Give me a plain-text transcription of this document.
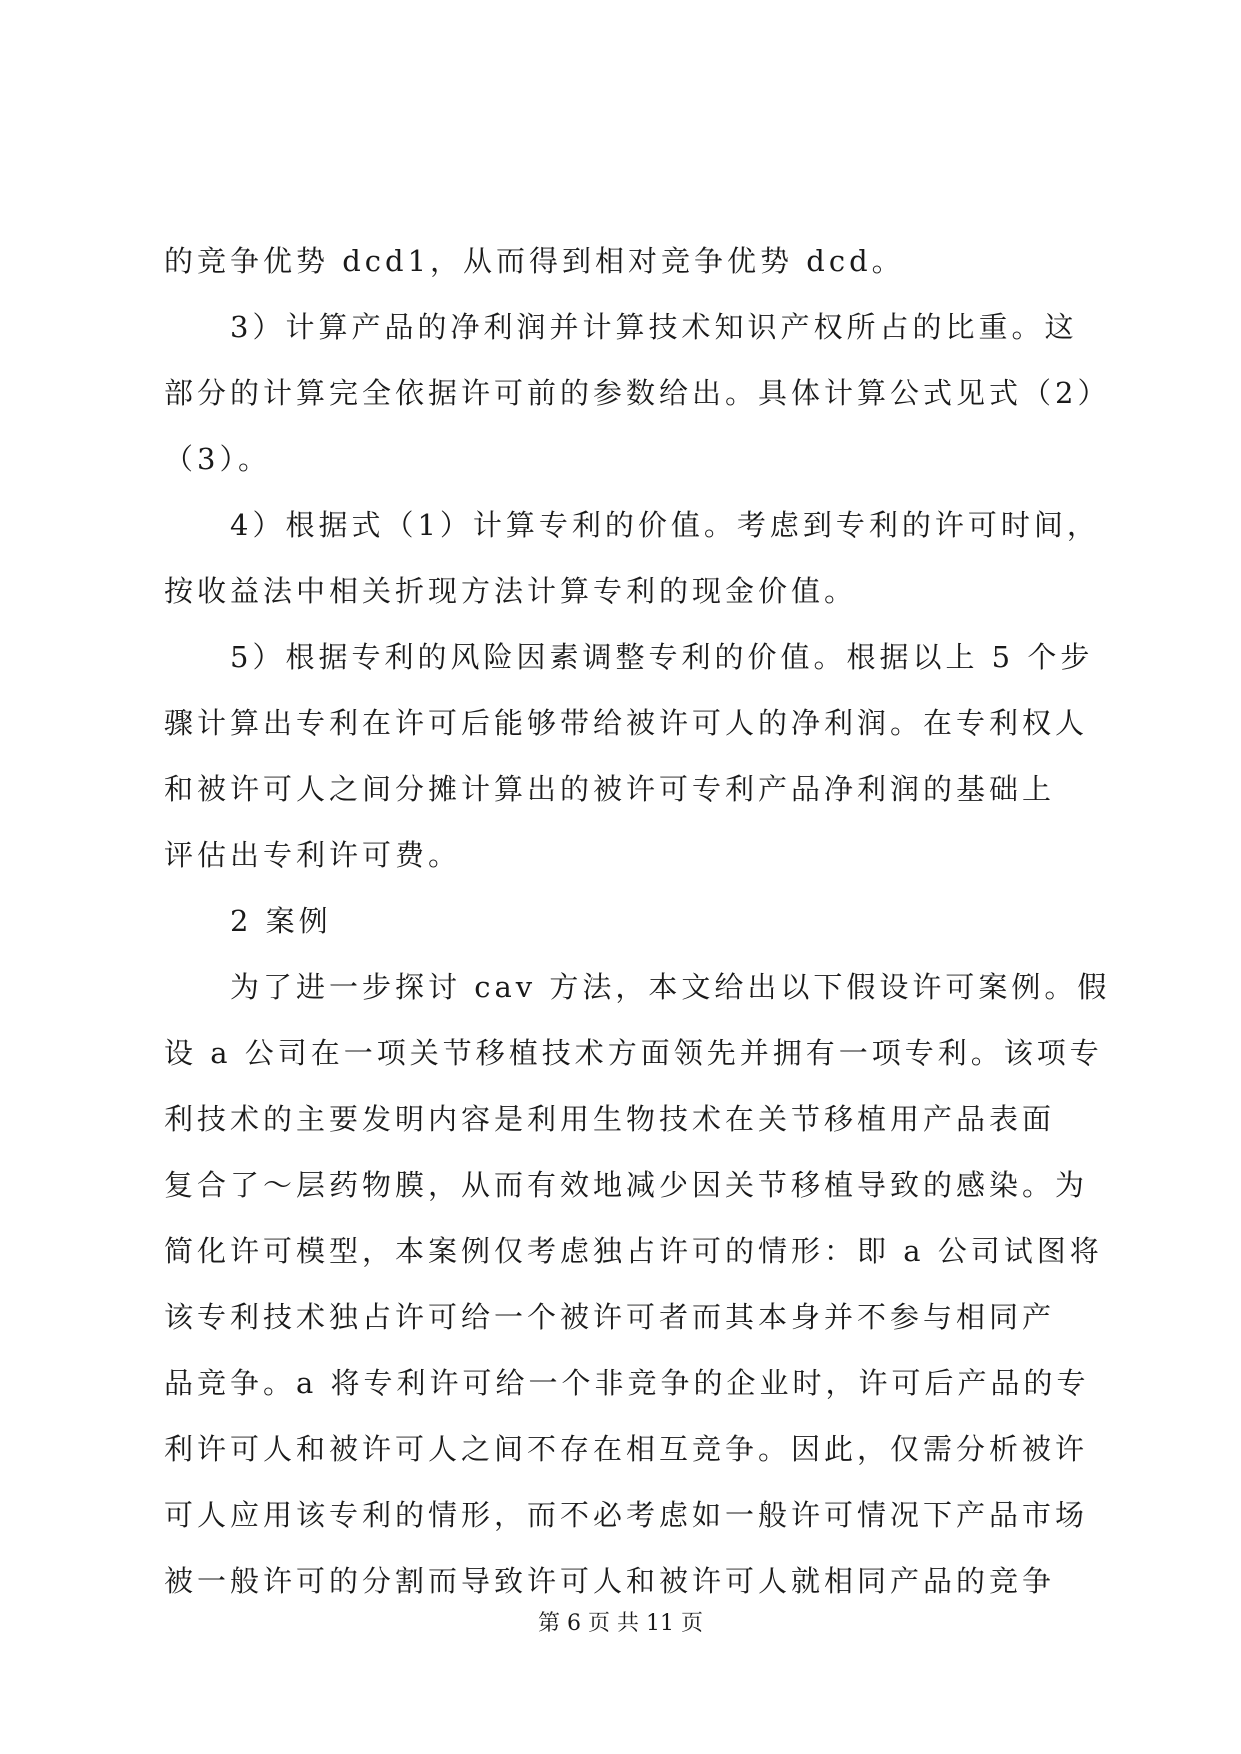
的竞争优势 dcd1，从而得到相对竞争优势 dcd。

3）计算产品的净利润并计算技术知识产权所占的比重。这

部分的计算完全依据许可前的参数给出。具体计算公式见式（2）

（3）。

4）根据式（1）计算专利的价值。考虑到专利的许可时间，

按收益法中相关折现方法计算专利的现金价值。

5）根据专利的风险因素调整专利的价值。根据以上 5 个步

骤计算出专利在许可后能够带给被许可人的净利润。在专利权人

和被许可人之间分摊计算出的被许可专利产品净利润的基础上

评估出专利许可费。

2 案例

为了进一步探讨 cav 方法，本文给出以下假设许可案例。假

设 a 公司在一项关节移植技术方面领先并拥有一项专利。该项专

利技术的主要发明内容是利用生物技术在关节移植用产品表面

复合了～层药物膜，从而有效地减少因关节移植导致的感染。为

简化许可模型，本案例仅考虑独占许可的情形：即 a 公司试图将

该专利技术独占许可给一个被许可者而其本身并不参与相同产

品竞争。a 将专利许可给一个非竞争的企业时，许可后产品的专

利许可人和被许可人之间不存在相互竞争。因此，仅需分析被许

可人应用该专利的情形，而不必考虑如一般许可情况下产品市场

被一般许可的分割而导致许可人和被许可人就相同产品的竞争

第 6 页 共 11 页
